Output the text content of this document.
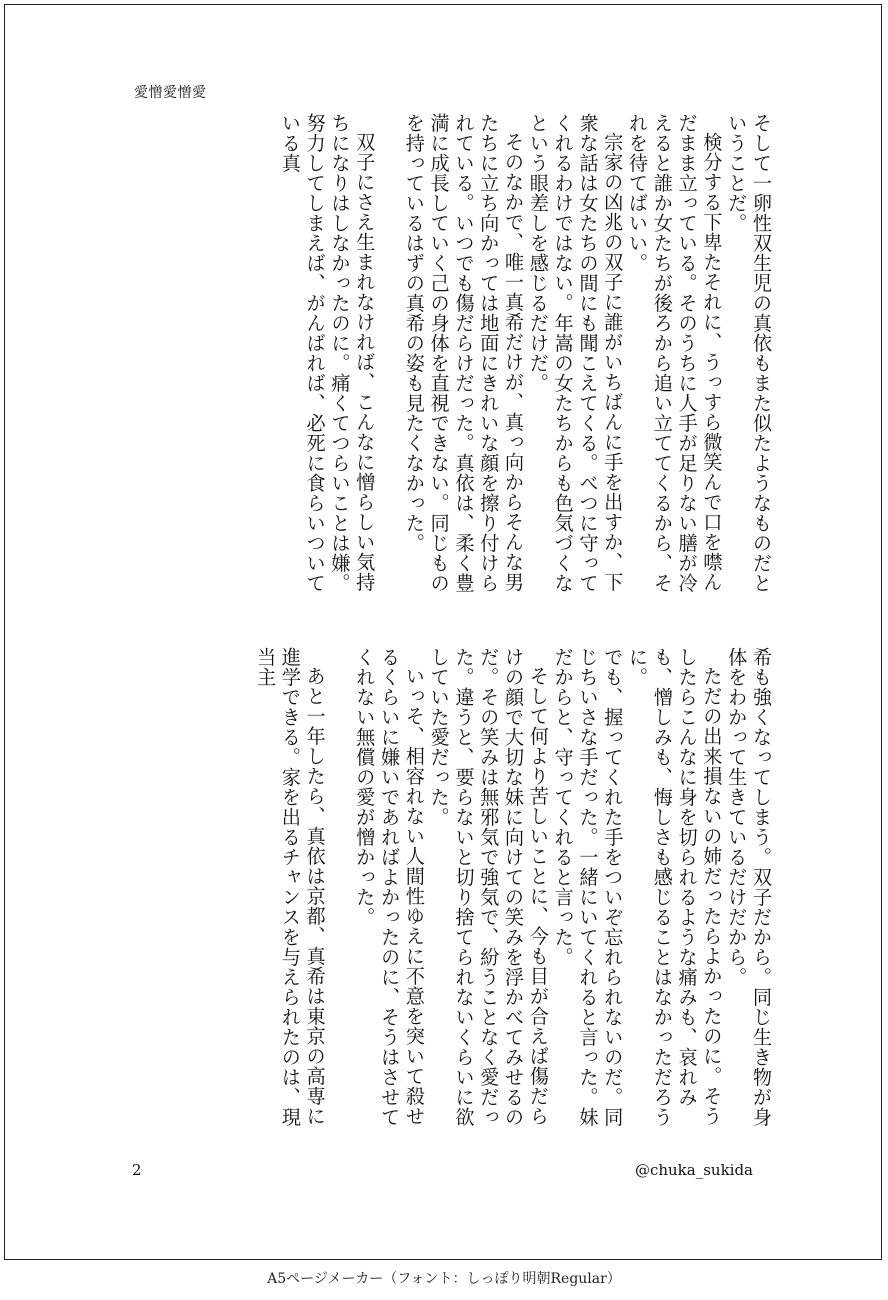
愛憎愛憎愛

そして一卵性双生児の真依もまた似たようなものだということだ。

検分する下卑たそれに、うっすら微笑んで口を噤んだまま立っている。そのうちに人手が足りない膳が冷えると誰か女たちが後ろから追い立ててくるから、それを待てばいい。

宗家の凶兆の双子に誰がいちばんに手を出すか、下衆な話は女たちの間にも聞こえてくる。べつに守ってくれるわけではない。年嵩の女たちからも色気づくなという眼差しを感じるだけだ。

そのなかで、唯一真希だけが、真っ向からそんな男たちに立ち向かっては地面にきれいな顔を擦り付けられている。いつでも傷だらけだった。真依は、柔く豊満に成長していく己の身体を直視できない。同じものを持っているはずの真希の姿も見たくなかった。

双子にさえ生まれなければ、こんなに憎らしい気持ちになりはしなかったのに。痛くてつらいことは嫌。努力してしまえば、がんばれば、必死に食らいついている真

希も強くなってしまう。双子だから。同じ生き物が身体をわかって生きているだけだから。

ただの出来損ないの姉だったらよかったのに。そうしたらこんなに身を切られるような痛みも、哀れみも、憎しみも、悔しさも感じることはなかっただろうに。

でも、握ってくれた手をついぞ忘れられないのだ。同じちいさな手だった。一緒にいてくれると言った。妹だからと、守ってくれると言った。

そして何より苦しいことに、今も目が合えば傷だらけの顔で大切な妹に向けての笑みを浮かべてみせるのだ。その笑みは無邪気で強気で、紛うことなく愛だった。違うと、要らないと切り捨てられないくらいに欲していた愛だった。

いっそ、相容れない人間性ゆえに不意を突いて殺せるくらいに嫌いであればよかったのに、そうはさせてくれない無償の愛が憎かった。

あと一年したら、真依は京都、真希は東京の高専に進学できる。家を出るチャンスを与えられたのは、現当主

2	@chuka_sukida
A5ページメーカー（フォント：しっぽり明朝Regular）
